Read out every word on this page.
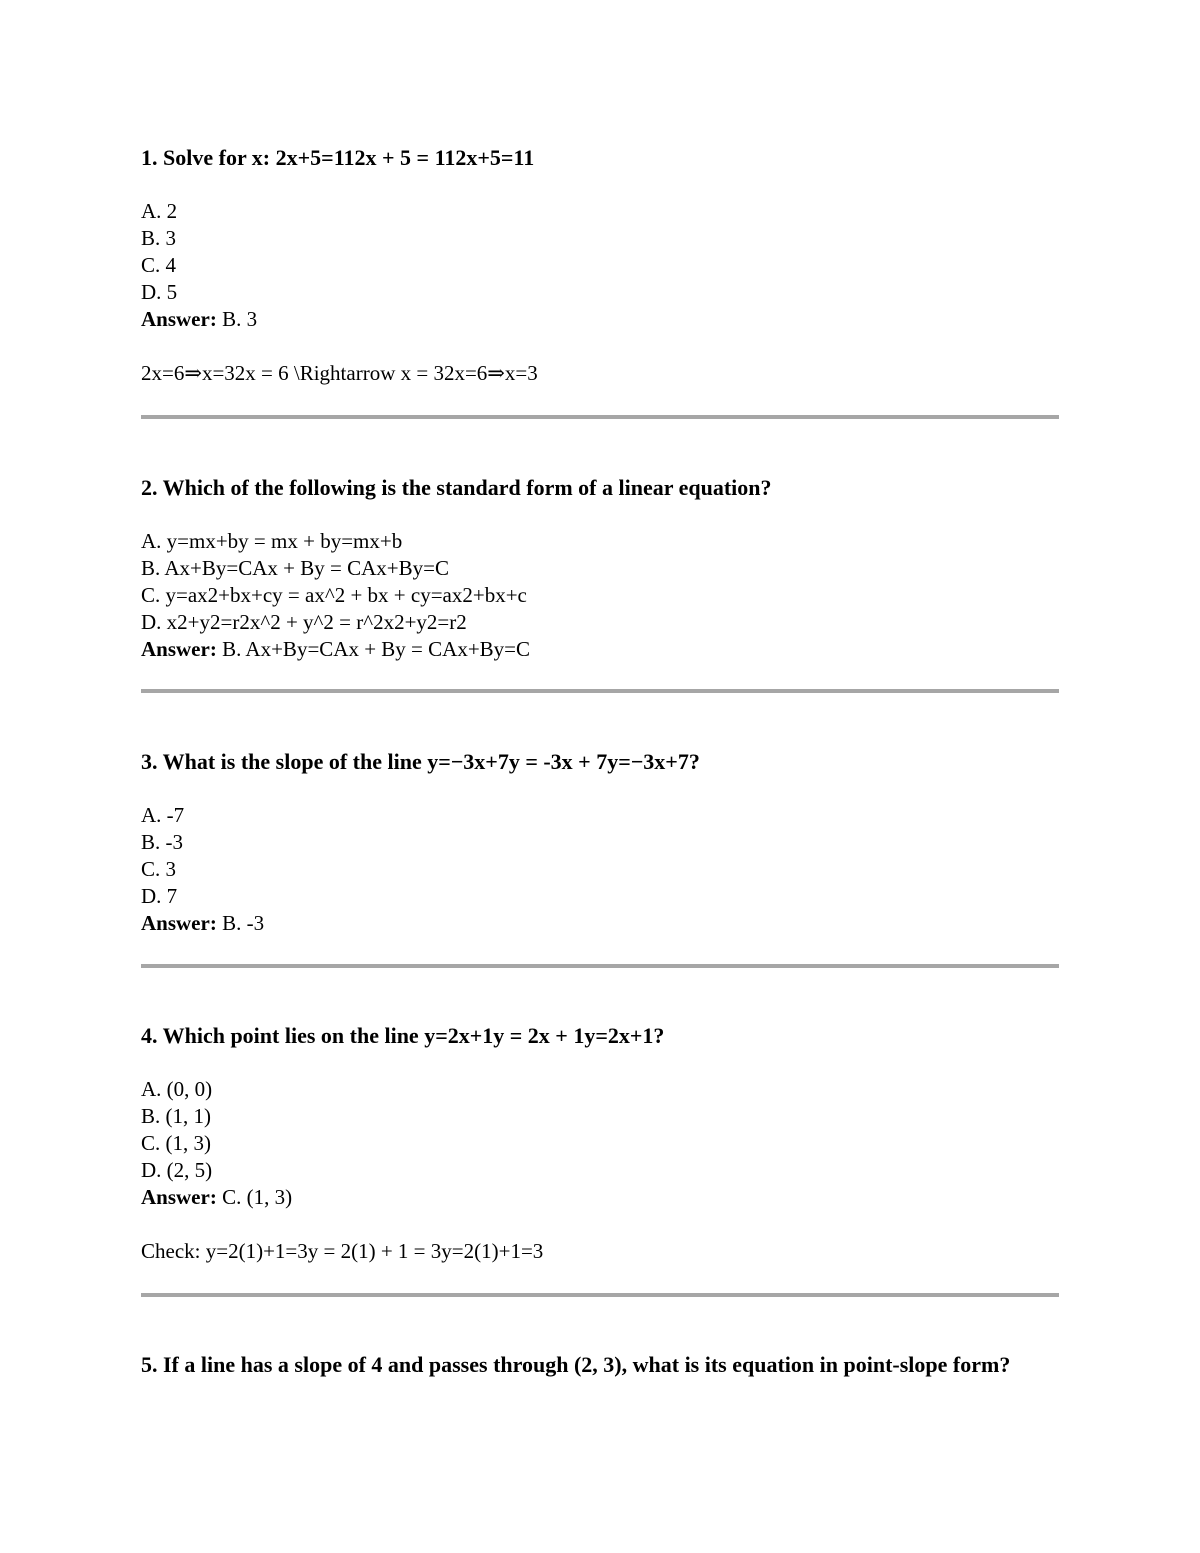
1. Solve for x: 2x+5=112x + 5 = 112x+5=11

A. 2
B. 3
C. 4
D. 5
Answer: B. 3
2x=6⇒x=32x = 6 \Rightarrow x = 32x=6⇒x=3

2. Which of the following is the standard form of a linear equation?

A. y=mx+by = mx + by=mx+b
B. Ax+By=CAx + By = CAx+By=C
C. y=ax2+bx+cy = ax^2 + bx + cy=ax2+bx+c
D. x2+y2=r2x^2 + y^2 = r^2x2+y2=r2
Answer: B. Ax+By=CAx + By = CAx+By=C

3. What is the slope of the line y=−3x+7y = -3x + 7y=−3x+7?

A. -7
B. -3
C. 3
D. 7
Answer: B. -3

4. Which point lies on the line y=2x+1y = 2x + 1y=2x+1?

A. (0, 0)
B. (1, 1)
C. (1, 3)
D. (2, 5)
Answer: C. (1, 3)
Check: y=2(1)+1=3y = 2(1) + 1 = 3y=2(1)+1=3

5. If a line has a slope of 4 and passes through (2, 3), what is its equation in point-slope form?
